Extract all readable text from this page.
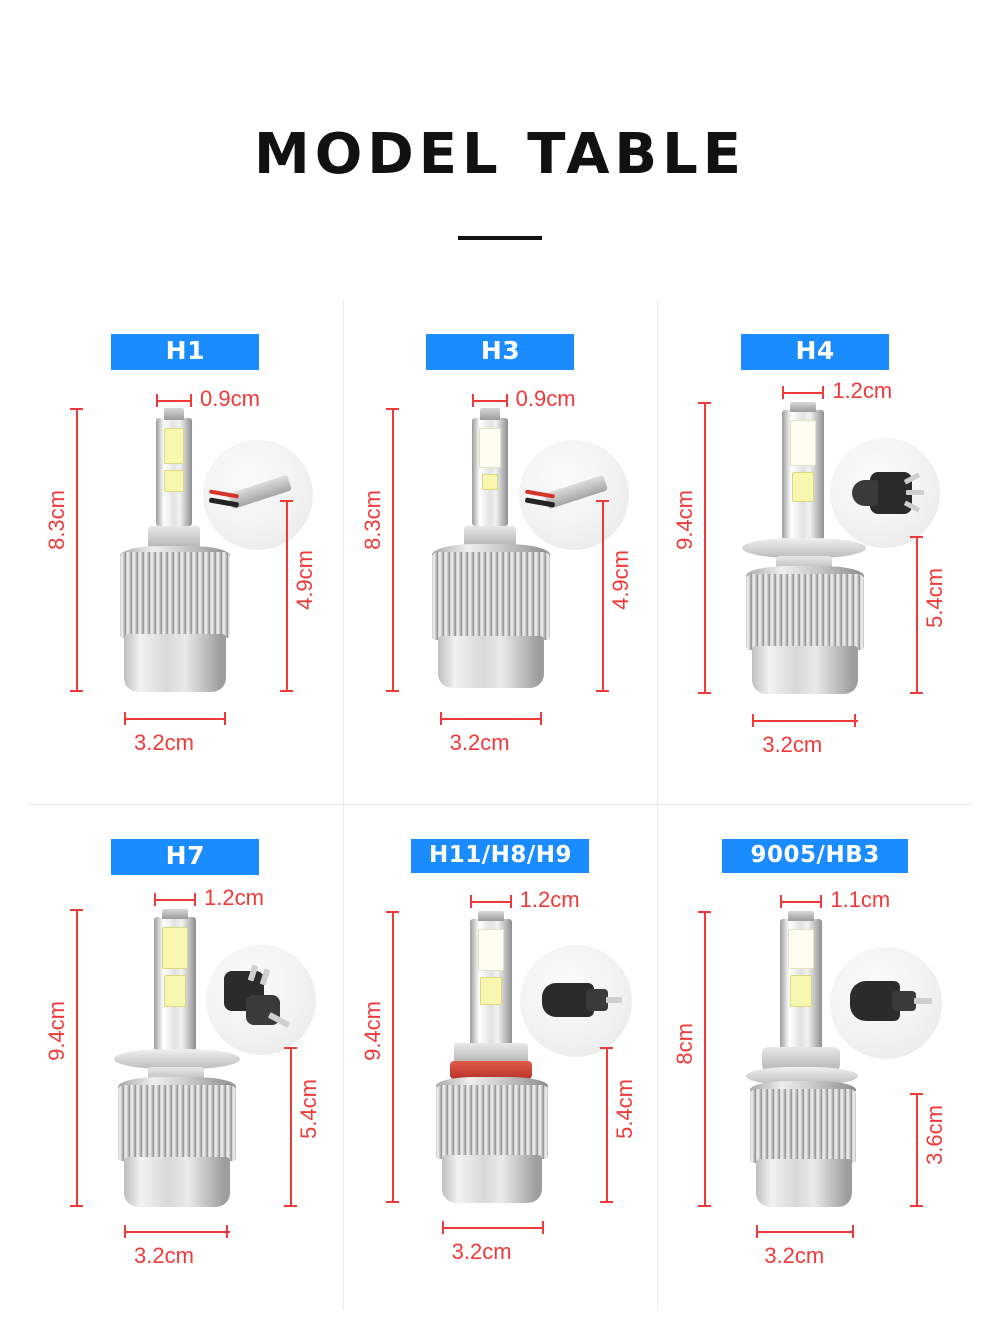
MODEL TABLE
H1
0.9cm
8.3cm
4.9cm
3.2cm
H3
0.9cm
8.3cm
4.9cm
3.2cm
H4
1.2cm
9.4cm
5.4cm
3.2cm
H7
1.2cm
9.4cm
5.4cm
3.2cm
H11/H8/H9
1.2cm
9.4cm
5.4cm
3.2cm
9005/HB3
1.1cm
8cm
3.6cm
3.2cm
